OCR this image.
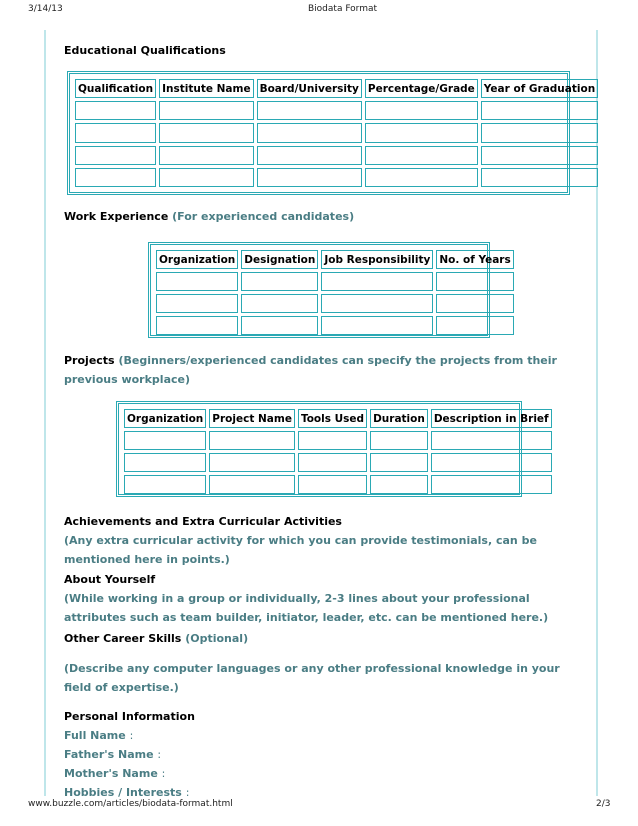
3/14/13	Biodata Format
Educational Qualifications
Qualification	Institute Name	Board/University	Percentage/Grade	Year of Graduation

Work Experience (For experienced candidates)
Organization	Designation	Job Responsibility	No. of Years

Projects (Beginners/experienced candidates can specify the projects from their previous workplace)
Organization	Project Name	Tools Used	Duration	Description in Brief

Achievements and Extra Curricular Activities
(Any extra curricular activity for which you can provide testimonials, can be mentioned here in points.)
About Yourself
(While working in a group or individually, 2-3 lines about your professional attributes such as team builder, initiator, leader, etc. can be mentioned here.)
Other Career Skills (Optional)
(Describe any computer languages or any other professional knowledge in your field of expertise.)
Personal Information
Full Name :
Father's Name :
Mother's Name :
Hobbies / Interests :
www.buzzle.com/articles/biodata-format.html	2/3
